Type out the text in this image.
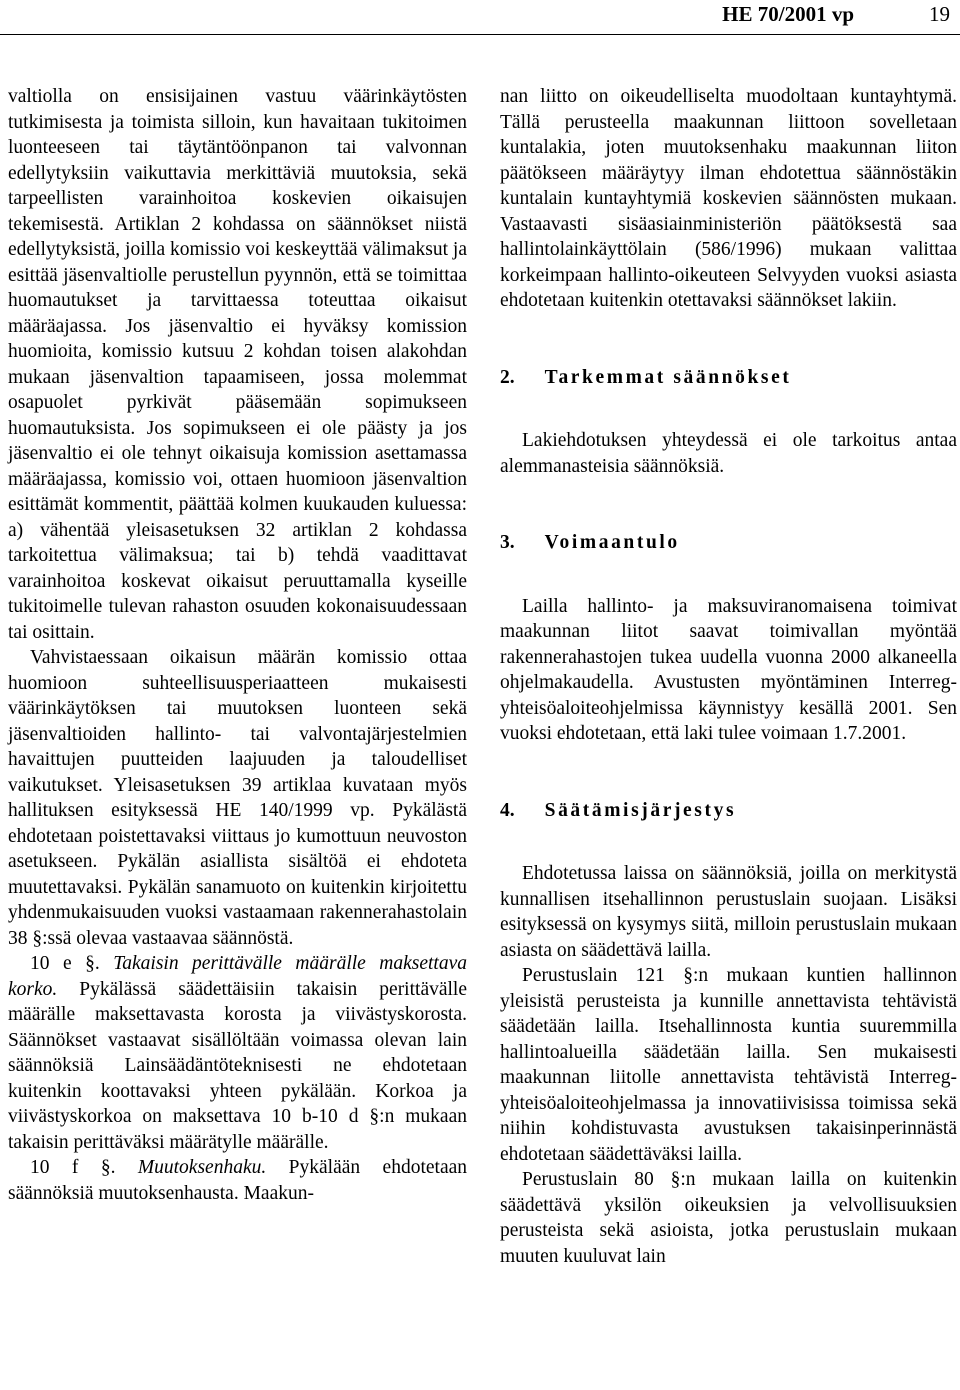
HE 70/2001 vp	19

valtiolla on ensisijainen vastuu väärinkäytösten tutkimisesta ja toimista silloin, kun havaitaan tukitoimen luonteeseen tai täytäntöönpanon tai valvonnan edellytyksiin vaikuttavia merkittäviä muutoksia, sekä tarpeellisten varainhoitoa koskevien oikaisujen tekemisestä. Artiklan 2 kohdassa on säännökset niistä edellytyksistä, joilla komissio voi keskeyttää välimaksut ja esittää jäsenvaltiolle perustellun pyynnön, että se toimittaa huomautukset ja tarvittaessa toteuttaa oikaisut määräajassa. Jos jäsenvaltio ei hyväksy komission huomioita, komissio kutsuu 2 kohdan toisen alakohdan mukaan jäsenvaltion tapaamiseen, jossa molemmat osapuolet pyrkivät pääsemään sopimukseen huomautuksista. Jos sopimukseen ei ole päästy ja jos jäsenvaltio ei ole tehnyt oikaisuja komission asettamassa määräajassa, komissio voi, ottaen huomioon jäsenvaltion esittämät kommentit, päättää kolmen kuukauden kuluessa: a) vähentää yleisasetuksen 32 artiklan 2 kohdassa tarkoitettua välimaksua; tai b) tehdä vaadittavat varainhoitoa koskevat oikaisut peruuttamalla kyseille tukitoimelle tulevan rahaston osuuden kokonaisuudessaan tai osittain.

Vahvistaessaan oikaisun määrän komissio ottaa huomioon suhteellisuusperiaatteen mukaisesti väärinkäytöksen tai muutoksen luonteen sekä jäsenvaltioiden hallinto- tai valvontajärjestelmien havaittujen puutteiden laajuuden ja taloudelliset vaikutukset. Yleisasetuksen 39 artiklaa kuvataan myös hallituksen esityksessä HE 140/1999 vp. Pykälästä ehdotetaan poistettavaksi viittaus jo kumottuun neuvoston asetukseen. Pykälän asiallista sisältöä ei ehdoteta muutettavaksi. Pykälän sanamuoto on kuitenkin kirjoitettu yhdenmukaisuuden vuoksi vastaamaan rakennerahastolain 38 §:ssä olevaa vastaavaa säännöstä.

10 e §. Takaisin perittävälle määrälle maksettava korko. Pykälässä säädettäisiin takaisin perittävälle määrälle maksettavasta korosta ja viivästyskorosta. Säännökset vastaavat sisällöltään voimassa olevan lain säännöksiä Lainsäädäntöteknisesti ne ehdotetaan kuitenkin koottavaksi yhteen pykälään. Korkoa ja viivästyskorkoa on maksettava 10 b-10 d §:n mukaan takaisin perittäväksi määrätylle määrälle.

10 f §. Muutoksenhaku. Pykälään ehdotetaan säännöksiä muutoksenhausta. Maakun-

nan liitto on oikeudelliselta muodoltaan kuntayhtymä. Tällä perusteella maakunnan liittoon sovelletaan kuntalakia, joten muutoksenhaku maakunnan liiton päätökseen määräytyy ilman ehdotettua säännöstäkin kuntalain kuntayhtymiä koskevien säännösten mukaan. Vastaavasti sisäasiainministeriön päätöksestä saa hallintolainkäyttölain (586/1996) mukaan valittaa korkeimpaan hallinto-oikeuteen Selvyyden vuoksi asiasta ehdotetaan kuitenkin otettavaksi säännökset lakiin.

2. Tarkemmat säännökset

Lakiehdotuksen yhteydessä ei ole tarkoitus antaa alemmanasteisia säännöksiä.

3. Voimaantulo

Lailla hallinto- ja maksuviranomaisena toimivat maakunnan liitot saavat toimivallan myöntää rakennerahastojen tukea uudella vuonna 2000 alkaneella ohjelmakaudella. Avustusten myöntäminen Interreg-yhteisöaloiteohjelmissa käynnistyy kesällä 2001. Sen vuoksi ehdotetaan, että laki tulee voimaan 1.7.2001.

4. Säätämisjärjestys

Ehdotetussa laissa on säännöksiä, joilla on merkitystä kunnallisen itsehallinnon perustuslain suojaan. Lisäksi esityksessä on kysymys siitä, milloin perustuslain mukaan asiasta on säädettävä lailla.

Perustuslain 121 §:n mukaan kuntien hallinnon yleisistä perusteista ja kunnille annettavista tehtävistä säädetään lailla. Itsehallinnosta kuntia suuremmilla hallintoalueilla säädetään lailla. Sen mukaisesti maakunnan liitolle annettavista tehtävistä Interreg-yhteisöaloiteohjelmassa ja innovatiivisissa toimissa sekä niihin kohdistuvasta avustuksen takaisinperinnästä ehdotetaan säädettäväksi lailla.

Perustuslain 80 §:n mukaan lailla on kuitenkin säädettävä yksilön oikeuksien ja velvollisuuksien perusteista sekä asioista, jotka perustuslain mukaan muuten kuuluvat lain
